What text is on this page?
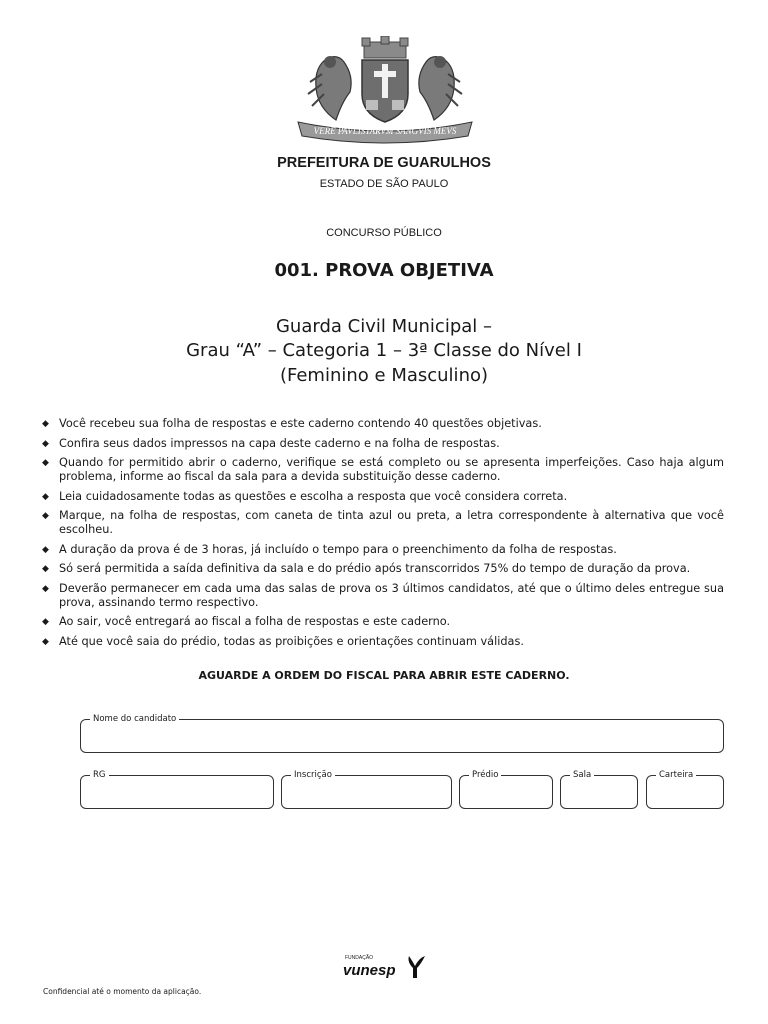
VERE PAVLISTARVM SANGVIS MEVS
PREFEITURA DE GUARULHOS
ESTADO DE SÃO PAULO
CONCURSO PÚBLICO
001. PROVA OBJETIVA
Guarda Civil Municipal –
Grau “A” – Categoria 1 – 3ª Classe do Nível I
(Feminino e Masculino)
◆ Você recebeu sua folha de respostas e este caderno contendo 40 questões objetivas.
◆ Confira seus dados impressos na capa deste caderno e na folha de respostas.
◆ Quando for permitido abrir o caderno, verifique se está completo ou se apresenta imperfeições. Caso haja algum problema, informe ao fiscal da sala para a devida substituição desse caderno.
◆ Leia cuidadosamente todas as questões e escolha a resposta que você considera correta.
◆ Marque, na folha de respostas, com caneta de tinta azul ou preta, a letra correspondente à alternativa que você escolheu.
◆ A duração da prova é de 3 horas, já incluído o tempo para o preenchimento da folha de respostas.
◆ Só será permitida a saída definitiva da sala e do prédio após transcorridos 75% do tempo de duração da prova.
◆ Deverão permanecer em cada uma das salas de prova os 3 últimos candidatos, até que o último deles entregue sua prova, assinando termo respectivo.
◆ Ao sair, você entregará ao fiscal a folha de respostas e este caderno.
◆ Até que você saia do prédio, todas as proibições e orientações continuam válidas.
AGUARDE A ORDEM DO FISCAL PARA ABRIR ESTE CADERNO.
Nome do candidato
RG	Inscrição	Prédio	Sala	Carteira
FUNDAÇÃO
vunesp
Confidencial até o momento da aplicação.
